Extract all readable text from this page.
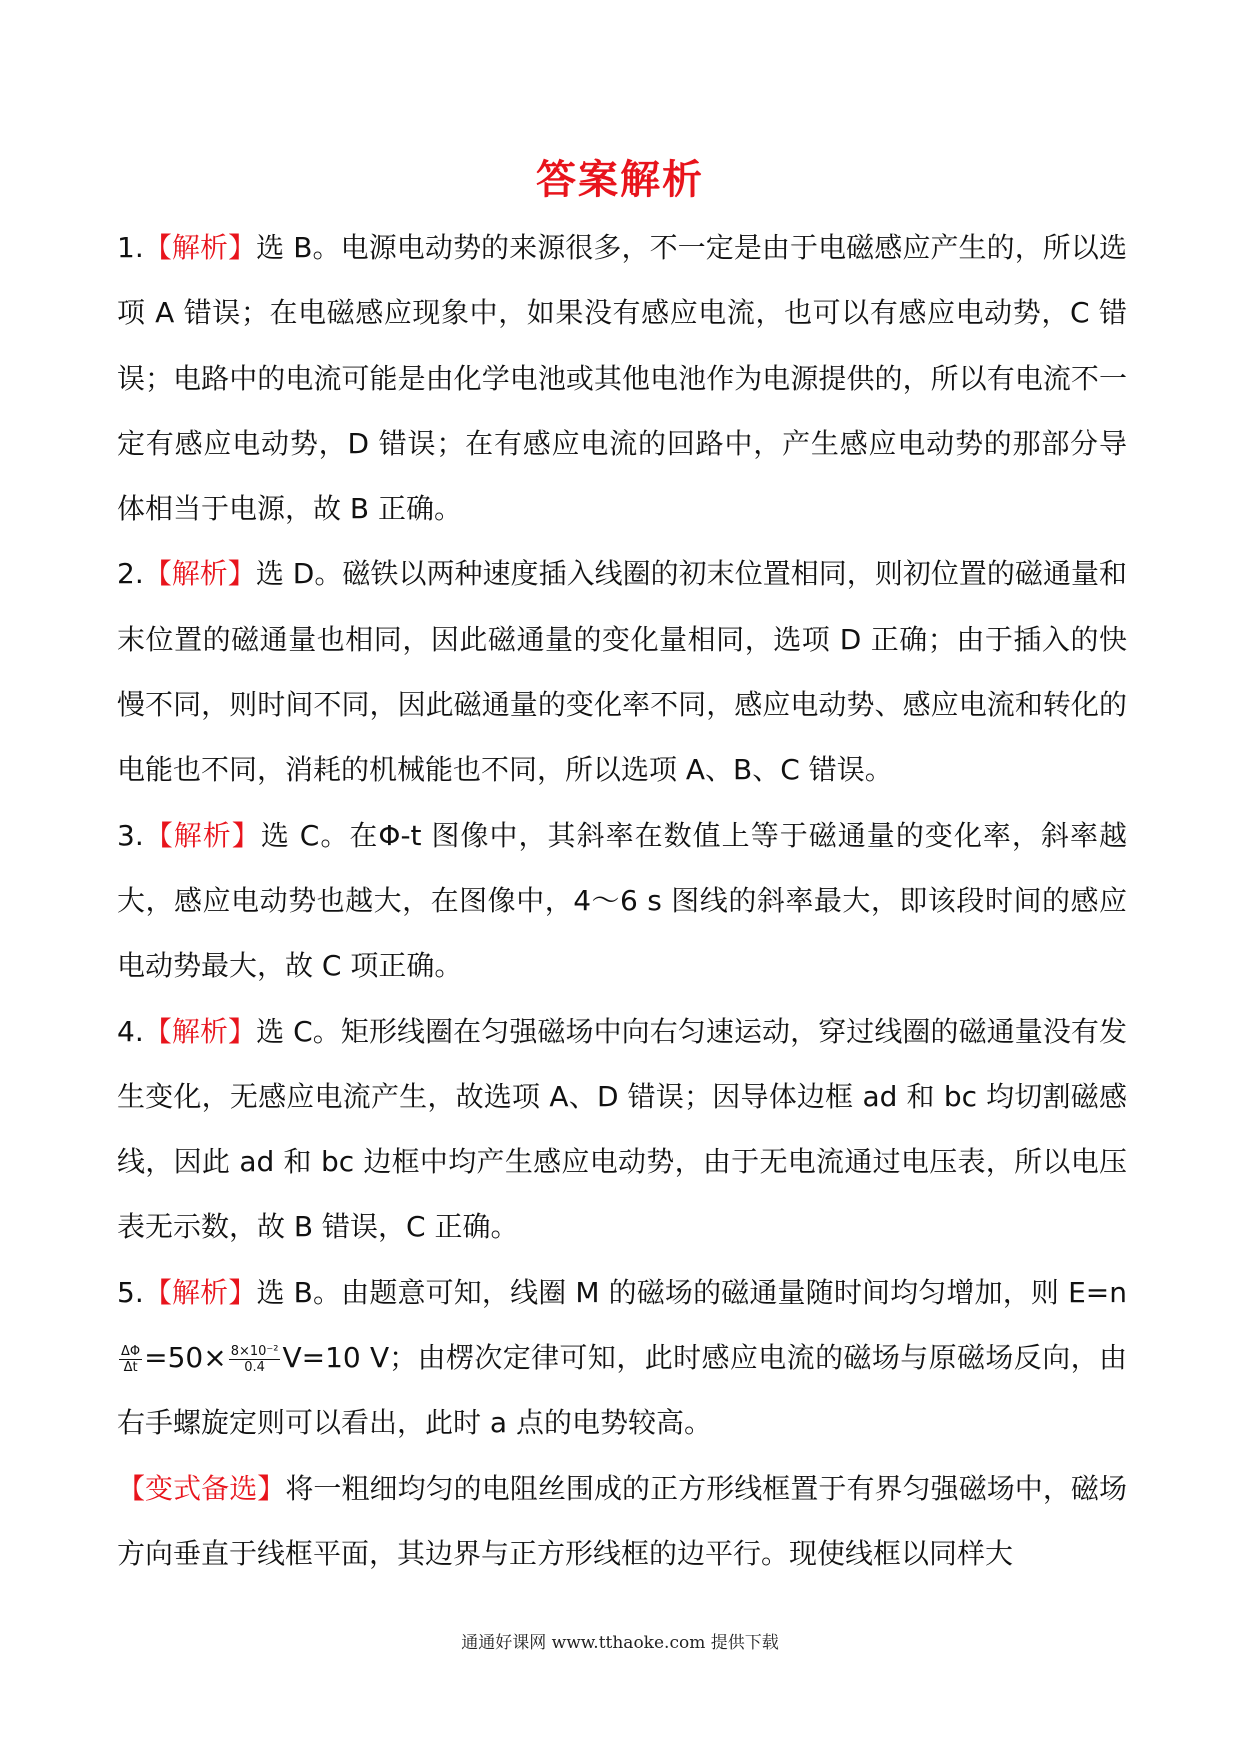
答案解析

1.【解析】选 B。电源电动势的来源很多，不一定是由于电磁感应产生的，所以选项 A 错误；在电磁感应现象中，如果没有感应电流，也可以有感应电动势，C 错误；电路中的电流可能是由化学电池或其他电池作为电源提供的，所以有电流不一定有感应电动势，D 错误；在有感应电流的回路中，产生感应电动势的那部分导体相当于电源，故 B 正确。

2.【解析】选 D。磁铁以两种速度插入线圈的初末位置相同，则初位置的磁通量和末位置的磁通量也相同，因此磁通量的变化量相同，选项 D 正确；由于插入的快慢不同，则时间不同，因此磁通量的变化率不同，感应电动势、感应电流和转化的电能也不同，消耗的机械能也不同，所以选项 A、B、C 错误。

3.【解析】选 C。在Φ-t 图像中，其斜率在数值上等于磁通量的变化率，斜率越大，感应电动势也越大，在图像中，4～6 s 图线的斜率最大，即该段时间的感应电动势最大，故 C 项正确。

4.【解析】选 C。矩形线圈在匀强磁场中向右匀速运动，穿过线圈的磁通量没有发生变化，无感应电流产生，故选项 A、D 错误；因导体边框 ad 和 bc 均切割磁感线，因此 ad 和 bc 边框中均产生感应电动势，由于无电流通过电压表，所以电压表无示数，故 B 错误，C 正确。

5.【解析】选 B。由题意可知，线圈 M 的磁场的磁通量随时间均匀增加，则 E=n
$\frac{\Delta\Phi}{\Delta t} =50\times \frac{\text{8×10⁻²}}{0.4} V=10$ V；由楞次定律可知，此时感应电流的磁场与原磁场反向，由右手螺旋定则可以看出，此时 a 点的电势较高。

【变式备选】将一粗细均匀的电阻丝围成的正方形线框置于有界匀强磁场中，磁场方向垂直于线框平面，其边界与正方形线框的边平行。现使线框以同样大

通通好课网 www.tthaoke.com 提供下载
